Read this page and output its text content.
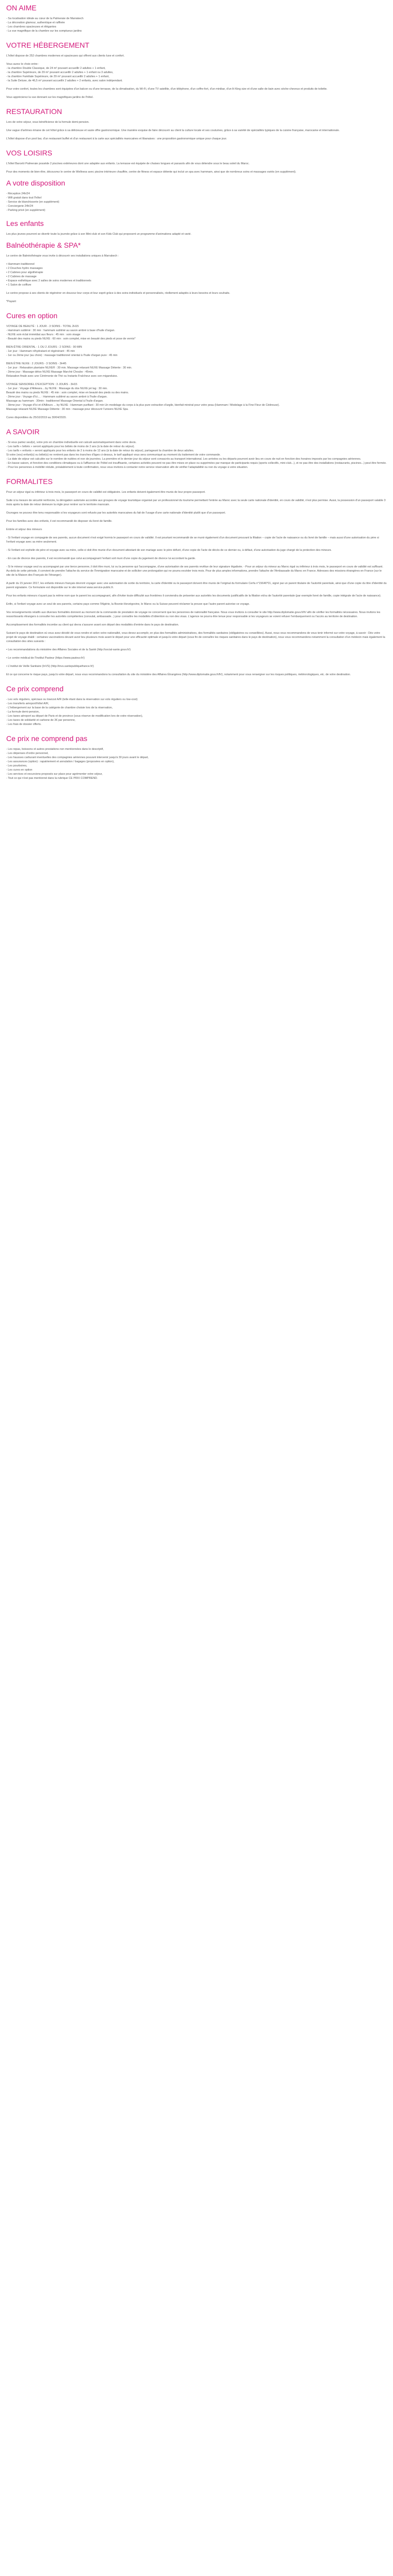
ON AIME
- Sa localisation idéale au cœur de la Palmeraie de Marrakech
- La décoration glamour, authentique et raffinée
- Les chambres spacieuses et élégantes
- La vue magnifique de la chambre sur les somptueux jardins
VOTRE HÉBERGEMENT

L'hôtel dispose de 252 chambres modernes et spacieuses qui offrent aux clients luxe et confort.

Vous aurez le choix entre :
- la chambre Double Classique, de 24 m² pouvant accueillir 2 adultes + 1 enfant,
- la chambre Supérieure, de 29 m² pouvant accueillir 2 adultes + 1 enfant ou 3 adultes,
- la chambre Familiale Supérieure, de 29 m² pouvant accueillir 2 adultes + 1 enfant,
- la Suite Deluxe, de 46,5 m² pouvant accueillir 2 adultes + 2 enfants, avec salon indépendant.

Pour votre confort, toutes les chambres sont équipées d'un balcon ou d'une terrasse, de la climatisation, du Wi-Fi, d'une TV satellite, d'un téléphone, d'un coffre-fort, d'un minibar, d'un lit King size et d'une salle de bain avec sèche-cheveux et produits de toilette.

Vous apprécierez la vue donnant sur les magnifiques jardins de l'hôtel.

RESTAURATION

Lors de votre séjour, vous bénéficierez de la formule demi-pension.

Une vague d'arômes émane de cet hôtel grâce à sa délicieuse et vaste offre gastronomique. Une manière exquise de faire découvrir au client la culture locale et ses coutumes, grâce à sa variété de spécialités typiques de la cuisine française, marocaine et internationale.

L'hôtel dispose d'un pool bar, d'un restaurant buffet et d'un restaurant à la carte aux spécialités marocaines et libanaises : une proposition gastronomique unique pour chaque jour.

VOS LOISIRS

L'hôtel Barceló Palmeraie possède 2 piscines extérieures dont une adaptée aux enfants. La terrasse est équipée de chaises longues et parasols afin de vous détendre sous le beau soleil du Maroc.

Pour des moments de bien-être, découvrez le centre de Wellness avec piscine intérieure chauffée, centre de fitness et espace détente qui inclut un spa avec hammam, ainsi que de nombreux soins et massages variés (en supplément).

A votre disposition
- Réception 24h/24
- Wifi gratuit dans tout l'hôtel
- Service de blanchisserie (en supplément)
- Conciergerie 24h/24
- Parking privé (en supplément)
Les enfants

Les plus jeunes pourront se divertir toute la journée grâce à son Mini-club et son Kids Club qui proposent un programme d'animations adapté et varié.

Balnéothérapie & SPA*

Le centre de Balnéothérapie vous invite à découvrir ses installations uniques à Marrakech :

• Hammam traditionnel
• 2 Douches hydro massages
• 2 Cabines pour algothérapie
• 2 Cabines de massage
• Espace esthétique avec 2 salles de soins modernes et traditionnels
• 1 Salon de coiffure

Le centre propose à ses clients de régénérer en douceur leur corps et leur esprit grâce à des soins individuels et personnalisés, réellement adaptés à leurs besoins et leurs souhaits.

*Payant

Cures en option
VOYAGE DE BEAUTÉ : 1 JOUR - 3 SOINS - TOTAL 2H15
- Hammam sublimé : 30 min : hammam sublimé au savon ambré à base d'huile d'argan.
- NUXE soin éclat immédiat aux fleurs : 45 min : soin visage
- Beauté des mains ou pieds NUXE : 60 min : soin complet, mise en beauté des pieds et pose de vernis*
BIEN-ÊTRE ORIENTAL : 1 OU 2 JOURS - 2 SOINS - 90 MIN
- 1er jour : Hammam réhydratant et régénérant : 45 min
- 1er ou 2ème jour (au choix) : massage traditionnel oriental à l'huile d'argan pure : 45 min
BIEN ÊTRE NUXE : 2 JOURS - 3 SOINS - 3H45
- 1er jour : Relaxation plantaire NUXE® : 30 min. Massage relaxant NUXE Massage Détente : 30 min.
- 2ème jour : Massage détox NUXE Massage Marché Choubo : 45min.
Relaxation finale avec une Cérémonie de Thé ou Instants Fraîcheur avec son miganduiss.
VOYAGE SENSORIEL D'EXCEPTION : 3 JOURS - 3H15
- 1er jour : Voyage d'Alikeara....by NUXE : Massage du dos NUXE jet lag : 30 min.
Beauté des mains ou pieds NUXE : 45 min : soin complet, mise en beauté des pieds ou des mains.
- 2ème jour : Voyage d'Ici.... : Hammam sublimé au savon ambré à l'huile d'argan.
Massage au hammam : 30min : traditionnel Massage Oriental à l'huile d'argan.
- 3ème jour : Voyage d'Ici et d'Ailleurs ... by NUXE : Hammam purifiant : 30 min Un modelage du corps à la plus pure extraction d'argile, bienfait minéral pour votre peau (Hammam / Modelage à la Fine Fleur de Cédreuse).
Massage relaxant NUXE Massage Détente : 30 min : massage pour découvrir l'univers NUXE Spa.

Cures disponibles du 25/10/2019 au 30/04/2020.

A SAVOIR
- Si vous partez seul(e), votre prix en chambre individuelle est calculé automatiquement dans votre devis.
- Les tarifs « bébés » seront appliqués pour les bébés de moins de 2 ans (à la date de retour du séjour).
- Les tarifs « enfants » seront appliqués pour les enfants de 2 à moins de 12 ans (à la date de retour du séjour), partageant la chambre de deux adultes.
Si votre (vos) enfant(s) ou bébé(s) ne rentrent pas dans les tranches d'âges ci-dessus, le tarif appliqué vous sera communiqué au moment du traitement de votre commande.
- La date de séjour est calculée sur le nombre de nuitées et non de journées. La première et le dernier jour du séjour sont consacrés au transport international. Les arrivées ou les départs pourront avoir lieu en cours de nuit en fonction des horaires imposés par les compagnies aériennes.
- En basse saison, et fonction des conditions climatiques ou à l'affluence de l'hôtel est insuffisante, certaines activités peuvent ne pas être mises en place ou supprimées par manque de participants requis (sports collectifs, mini-club...), et ne pas être des installations (restaurants, piscines...) peut être fermée.
- Pour les personnes à mobilité réduite, préalablement à toute confirmation, nous vous invitons à contacter notre service réservation afin de vérifier l'adaptabilité ou non du voyage à votre situation.
FORMALITES

Pour un séjour égal ou inférieur à trois mois, le passeport en cours de validité est obligatoire. Les enfants doivent également être munis de leur propre passeport.

Suite à la mesure de sécurité renforcée, la dérogation autorisée accordée aux groupes de voyage touristique organisé par un professionnel du tourisme permettant l'entrée au Maroc avec la seule carte nationale d'identité, en cours de validité, n'est plus permise. Aussi, la possession d'un passeport valable 3 mois après la date de retour demeure la règle pour rentrer sur le territoire marocain.

Ouvrages ne pouvez être tenu responsable si les voyageurs sont refusés par les autorités marocaines du fait de l'usage d'une carte nationale d'identité plutôt que d'un passeport.

Pour les familles avec des enfants, il est recommandé de disposer du livret de famille.

Entrée et séjour des mineurs

- Si l'enfant voyage en compagnie de ses parents, aucun document n'est exigé hormis le passeport en cours de validité. Il est pourtant recommandé de se munir également d'un document prouvant la filiation – copie de l'acte de naissance ou du livret de famille – mais aussi d'une autorisation du père si l'enfant voyage avec sa mère seulement.

- Si l'enfant est orphelin de père et voyage avec sa mère, celle-ci doit être munie d'un document attestant de son mariage avec le père défunt, d'une copie de l'acte de décès de ce dernier ou, à défaut, d'une autorisation du juge chargé de la protection des mineurs.

- En cas de divorce des parents, il est recommandé que celui accompagnant l'enfant soit muni d'une copie du jugement de divorce lui accordant la garde.

- Si le mineur voyage seul ou accompagné par une tierce personne, il doit être muni, lui ou la personne qui l'accompagne, d'une autorisation de ses parents revêtue de leur signature légalisée. - Pour un séjour du mineur au Maroc égal ou inférieur à trois mois, le passeport en cours de validité est suffisant. Au-delà de cette période, il convient de prendre l'attache du service de l'Immigration marocaine et de solliciter une prolongation qui ne pourra excéder trois mois. Pour de plus amples informations, prendre l'attache de l'Ambassade du Maroc en France. Adresses des missions étrangères en France (sur le site de la Maison des Français de l'étranger).

A partir du 15 janvier 2017, les enfants mineurs français devront voyager avec une autorisation de sortie du territoire, la carte d'identité ou le passeport doivent être munis de l'original du formulaire Cerfa n°15646*01, signé par un parent titulaire de l'autorité parentale, ainsi que d'une copie du titre d'identité du parent signataire. Ce formulaire est disponible sur le site internet www.service-public.fr.

Pour les enfants mineurs n'ayant pas la même nom que le parent les accompagnant, afin d'éviter toute difficulté aux frontières il conviendra de présenter aux autorités les documents justificatifs de la filiation et/ou de l'autorité parentale (par exemple livret de famille, copie intégrale de l'acte de naissance).

Enfin, si l'enfant voyage avec un seul de ses parents, certains pays comme l'Algérie, la Bosnie-Herzégovine, le Maroc ou la Suisse peuvent réclamer la preuve que l'autre parent autorise ce voyage.

Vos renseignements relatifs aux diverses formalités donnent au moment de la commande de prestation de voyage ne concernent que les personnes de nationalité française. Nous vous invitons à consulter le site http://www.diplomatie.gouv.fr/fr/ afin de vérifier les formalités nécessaires. Nous invitons les ressortissants étrangers à consulter les autorités compétentes (consulat, ambassade...) pour connaître les modalités d'obtention ou non des visas. L'agence ne pourra être tenue pour responsable si les voyageurs se voient refuser l'embarquement ou l'accès au territoire de destination.

Accomplissement des formalités incombe au client qui devra s'assurer avant son départ des modalités d'entrée dans le pays de destination.

Suivant le pays de destination où vous avez décidé de vous rendre et selon votre nationalité, vous devez accomplir, en plus des formalités administratives, des formalités sanitaires (obligatoires ou conseillées). Aussi, nous vous recommandons de vous tenir informé sur votre voyage, à savoir : Dès votre projet de voyage établi : certaines vaccinations devant avoir lieu plusieurs mois avant le départ pour une efficacité optimale et jusqu'à votre départ (sous fin de connaître les risques sanitaires dans le pays de destination), nous vous recommandons notamment la consultation d'un médecin mais également la consultation des sites suivants :

• Les recommandations du ministère des Affaires Sociales et de la Santé (http://social-sante.gouv.fr/)

• Le centre médical de l'Institut Pasteur (https://www.pasteur.fr/)

• L'institut de Veille Sanitaire (InVS) (http://invs.santepubliquefrance.fr/)

Et ce qui concerne le risque pays, jusqu'à votre départ, nous vous recommandons la consultation du site du ministère des Affaires Étrangères (http://www.diplomatie.gouv.fr/fr/), notamment pour vous renseigner sur les risques politiques, météorologiques, etc. de votre destination.

Ce prix comprend
- Les vols réguliers, spéciaux ou lowcost A/R (telle étant dans la réservation sur vols réguliers ou low-cost)
- Les transferts aéroport/hôtel A/R,
- L'hébergement sur la base de la catégorie de chambre choisie lors de la réservation,
- La formule demi-pension,
- Les taxes aéroport au départ de Paris et de province (sous réserve de modification lors de votre réservation),
- Les taxes de solidarité et carbone de 3€ par personne,
- Les frais de dossier offerts.
Ce prix ne comprend pas
- Les repas, boissons et autres prestations non mentionnées dans le descriptif,
- Les dépenses d'ordre personnel,
- Les hausses carburant éventuelles des compagnies aériennes pouvant intervenir jusqu'à 30 jours avant le départ,
- Les assurances (option) : rapatriement et annulation / bagages (proposées en option),
- Les pourboires,
- Les cures en option
- Les services et excursions proposés sur place pour agrémenter votre séjour,
- Tout ce qui n'est pas mentionné dans la rubrique CE PRIX COMPREND.
